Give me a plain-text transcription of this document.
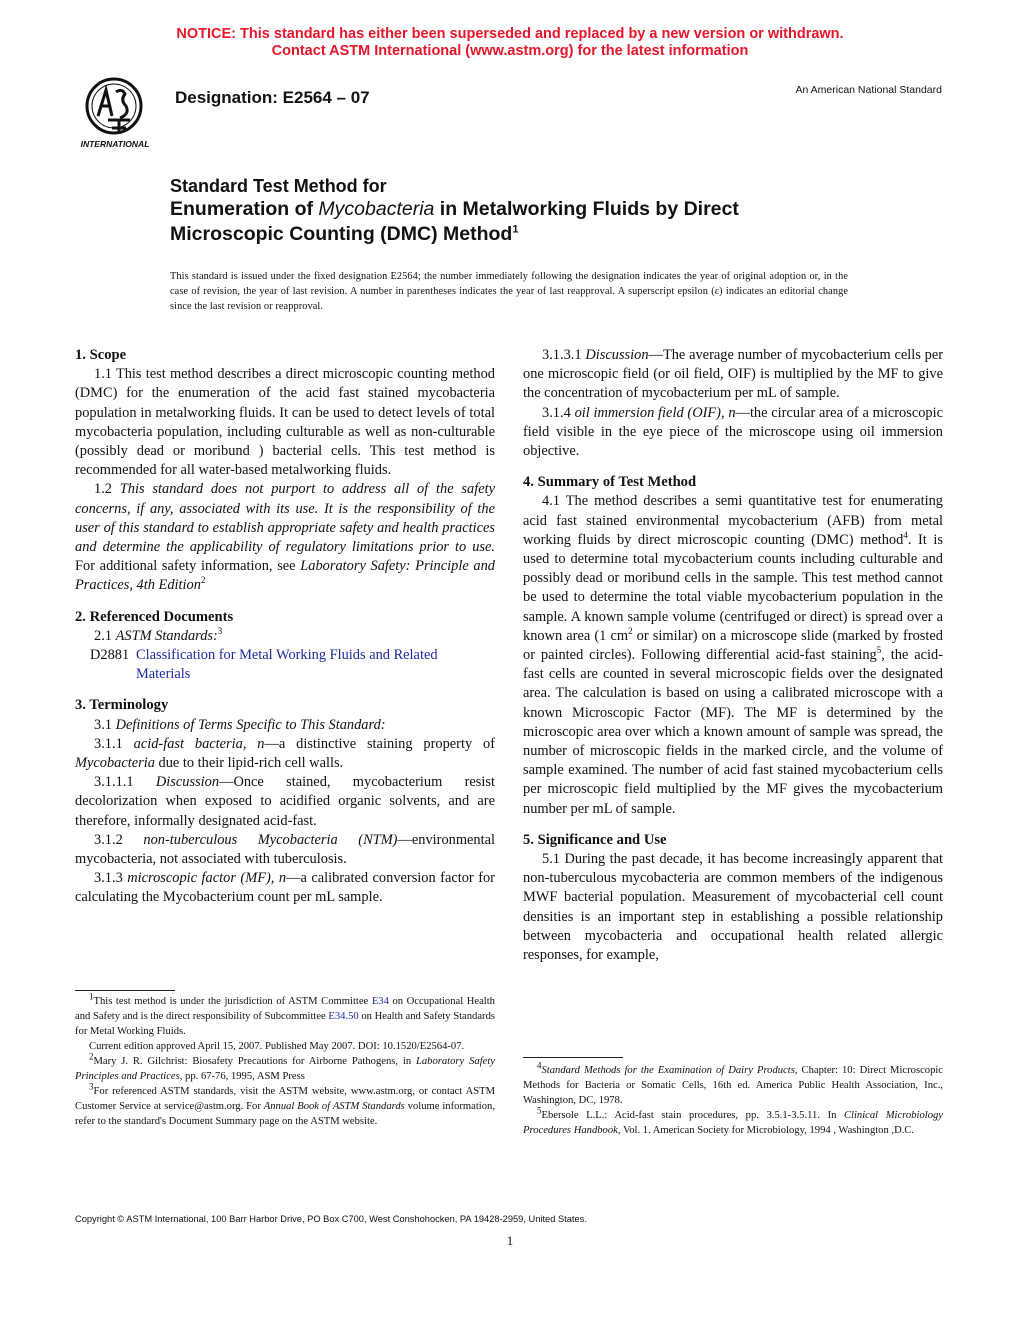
NOTICE: This standard has either been superseded and replaced by a new version or withdrawn.
Contact ASTM International (www.astm.org) for the latest information
INTERNATIONAL
Designation: E2564 – 07	An American National Standard
Standard Test Method for
Enumeration of Mycobacteria in Metalworking Fluids by Direct
Microscopic Counting (DMC) Method$^1$
This standard is issued under the fixed designation E2564; the number immediately following the designation indicates the year of original adoption or, in the case of revision, the year of last revision. A number in parentheses indicates the year of last reapproval. A superscript epsilon (ε) indicates an editorial change since the last revision or reapproval.
1. Scope

1.1 This test method describes a direct microscopic counting method (DMC) for the enumeration of the acid fast stained mycobacteria population in metalworking fluids. It can be used to detect levels of total mycobacteria population, including culturable as well as non-culturable (possibly dead or moribund ) bacterial cells. This test method is recommended for all water-based metalworking fluids.

1.2 This standard does not purport to address all of the safety concerns, if any, associated with its use. It is the responsibility of the user of this standard to establish appropriate safety and health practices and determine the applicability of regulatory limitations prior to use. For additional safety information, see Laboratory Safety: Principle and Practices, 4th Edition$^2$

2. Referenced Documents

2.1 ASTM Standards:$^3$

D2881 Classification for Metal Working Fluids and Related Materials
3. Terminology

3.1 Definitions of Terms Specific to This Standard:

3.1.1 acid-fast bacteria, n—a distinctive staining property of Mycobacteria due to their lipid-rich cell walls.

3.1.1.1 Discussion—Once stained, mycobacterium resist decolorization when exposed to acidified organic solvents, and are therefore, informally designated acid-fast.

3.1.2 non-tuberculous Mycobacteria (NTM)—environmental mycobacteria, not associated with tuberculosis.

3.1.3 microscopic factor (MF), n—a calibrated conversion factor for calculating the Mycobacterium count per mL sample.

3.1.3.1 Discussion—The average number of mycobacterium cells per one microscopic field (or oil field, OIF) is multiplied by the MF to give the concentration of mycobacterium per mL of sample.

3.1.4 oil immersion field (OIF), n—the circular area of a microscopic field visible in the eye piece of the microscope using oil immersion objective.

4. Summary of Test Method

4.1 The method describes a semi quantitative test for enumerating acid fast stained environmental mycobacterium (AFB) from metal working fluids by direct microscopic counting (DMC) method$^4$. It is used to determine total mycobacterium counts including culturable and possibly dead or moribund cells in the sample. This test method cannot be used to determine the total viable mycobacterium population in the sample. A known sample volume (centrifuged or direct) is spread over a known area (1 $cm^2$ or similar) on a microscope slide (marked by frosted or painted circles). Following differential acid-fast staining$^5$, the acid-fast cells are counted in several microscopic fields over the designated area. The calculation is based on using a calibrated microscope with a known Microscopic Factor (MF). The MF is determined by the microscopic area over which a known amount of sample was spread, the number of microscopic fields in the marked circle, and the volume of sample examined. The number of acid fast stained mycobacterium cells per microscopic field multiplied by the MF gives the mycobacterium number per mL of sample.

5. Significance and Use

5.1 During the past decade, it has become increasingly apparent that non-tuberculous mycobacteria are common members of the indigenous MWF bacterial population. Measurement of mycobacterial cell count densities is an important step in establishing a possible relationship between mycobacteria and occupational health related allergic responses, for example,

$^1$This test method is under the jurisdiction of ASTM Committee E34 on Occupational Health and Safety and is the direct responsibility of Subcommittee E34.50 on Health and Safety Standards for Metal Working Fluids.

Current edition approved April 15, 2007. Published May 2007. DOI: 10.1520/E2564-07.

$^2$Mary J. R. Gilchrist: Biosafety Precautions for Airborne Pathogens, in Laboratory Safety Principles and Practices, pp. 67-76, 1995, ASM Press

$^3$For referenced ASTM standards, visit the ASTM website, www.astm.org, or contact ASTM Customer Service at service@astm.org. For Annual Book of ASTM Standards volume information, refer to the standard's Document Summary page on the ASTM website.

$^4$Standard Methods for the Examination of Dairy Products, Chapter: 10: Direct Microscopic Methods for Bacteria or Somatic Cells, 16th ed. America Public Health Association, Inc., Washington, DC, 1978.

$^5$Ebersole L.L.: Acid-fast stain procedures, pp. 3.5.1-3.5.11. In Clinical Microbiology Procedures Handbook, Vol. 1. American Society for Microbiology, 1994 , Washington ,D.C.

Copyright © ASTM International, 100 Barr Harbor Drive, PO Box C700, West Conshohocken, PA 19428-2959, United States.
1
